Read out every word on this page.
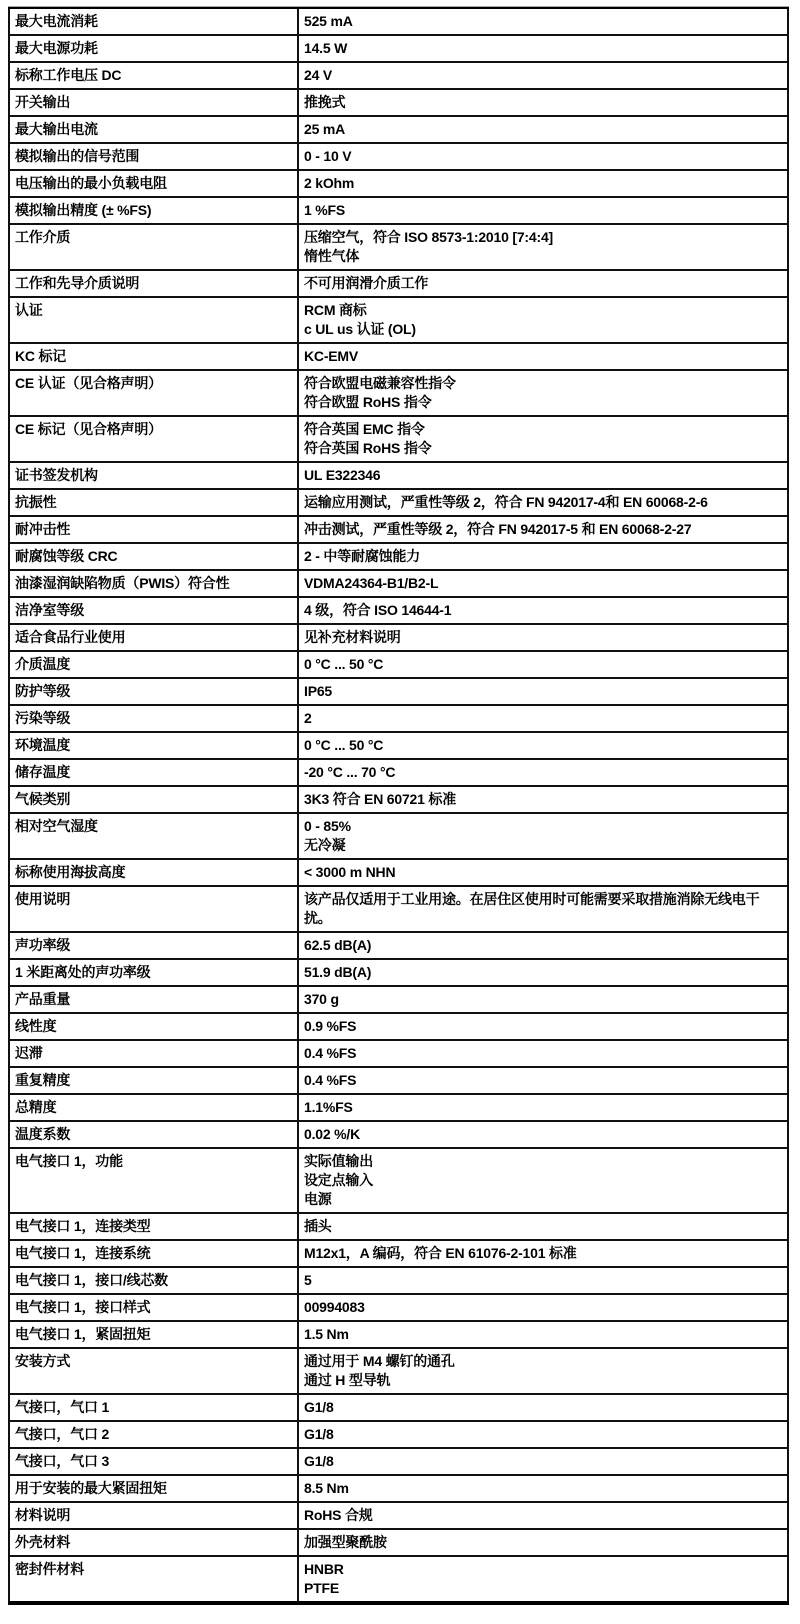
最大电流消耗	525 mA

最大电源功耗	14.5 W

标称工作电压 DC	24 V

开关输出	推挽式

最大输出电流	25 mA

模拟输出的信号范围	0 - 10 V

电压输出的最小负载电阻	2 kOhm

模拟输出精度 (± %FS)	1 %FS

工作介质	压缩空气，符合 ISO 8573-1:2010 [7:4:4]
惰性气体

工作和先导介质说明	不可用润滑介质工作

认证	RCM 商标
c UL us 认证 (OL)

KC 标记	KC-EMV

CE 认证（见合格声明）	符合欧盟电磁兼容性指令
符合欧盟 RoHS 指令

CE 标记（见合格声明）	符合英国 EMC 指令
符合英国 RoHS 指令

证书签发机构	UL E322346

抗振性	运输应用测试，严重性等级 2，符合 FN 942017-4和 EN 60068-2-6

耐冲击性	冲击测试，严重性等级 2，符合 FN 942017-5 和 EN 60068-2-27

耐腐蚀等级 CRC	2 - 中等耐腐蚀能力

油漆湿润缺陷物质（PWIS）符合性	VDMA24364-B1/B2-L

洁净室等级	4 级，符合 ISO 14644-1

适合食品行业使用	见补充材料说明

介质温度	0 °C ... 50 °C

防护等级	IP65

污染等级	2

环境温度	0 °C ... 50 °C

储存温度	-20 °C ... 70 °C

气候类别	3K3 符合 EN 60721 标准

相对空气湿度	0 - 85%
无冷凝

标称使用海拔高度	< 3000 m NHN

使用说明	该产品仅适用于工业用途。在居住区使用时可能需要采取措施消除无线电干扰。

声功率级	62.5 dB(A)

1 米距离处的声功率级	51.9 dB(A)

产品重量	370 g

线性度	0.9 %FS

迟滞	0.4 %FS

重复精度	0.4 %FS

总精度	1.1%FS

温度系数	0.02 %/K

电气接口 1，功能	实际值输出
设定点输入
电源

电气接口 1，连接类型	插头

电气接口 1，连接系统	M12x1，A 编码，符合 EN 61076-2-101 标准

电气接口 1，接口/线芯数	5

电气接口 1，接口样式	00994083

电气接口 1，紧固扭矩	1.5 Nm

安装方式	通过用于 M4 螺钉的通孔
通过 H 型导轨

气接口，气口 1	G1/8

气接口，气口 2	G1/8

气接口，气口 3	G1/8

用于安装的最大紧固扭矩	8.5 Nm

材料说明	RoHS 合规

外壳材料	加强型聚酰胺

密封件材料	HNBR
PTFE
